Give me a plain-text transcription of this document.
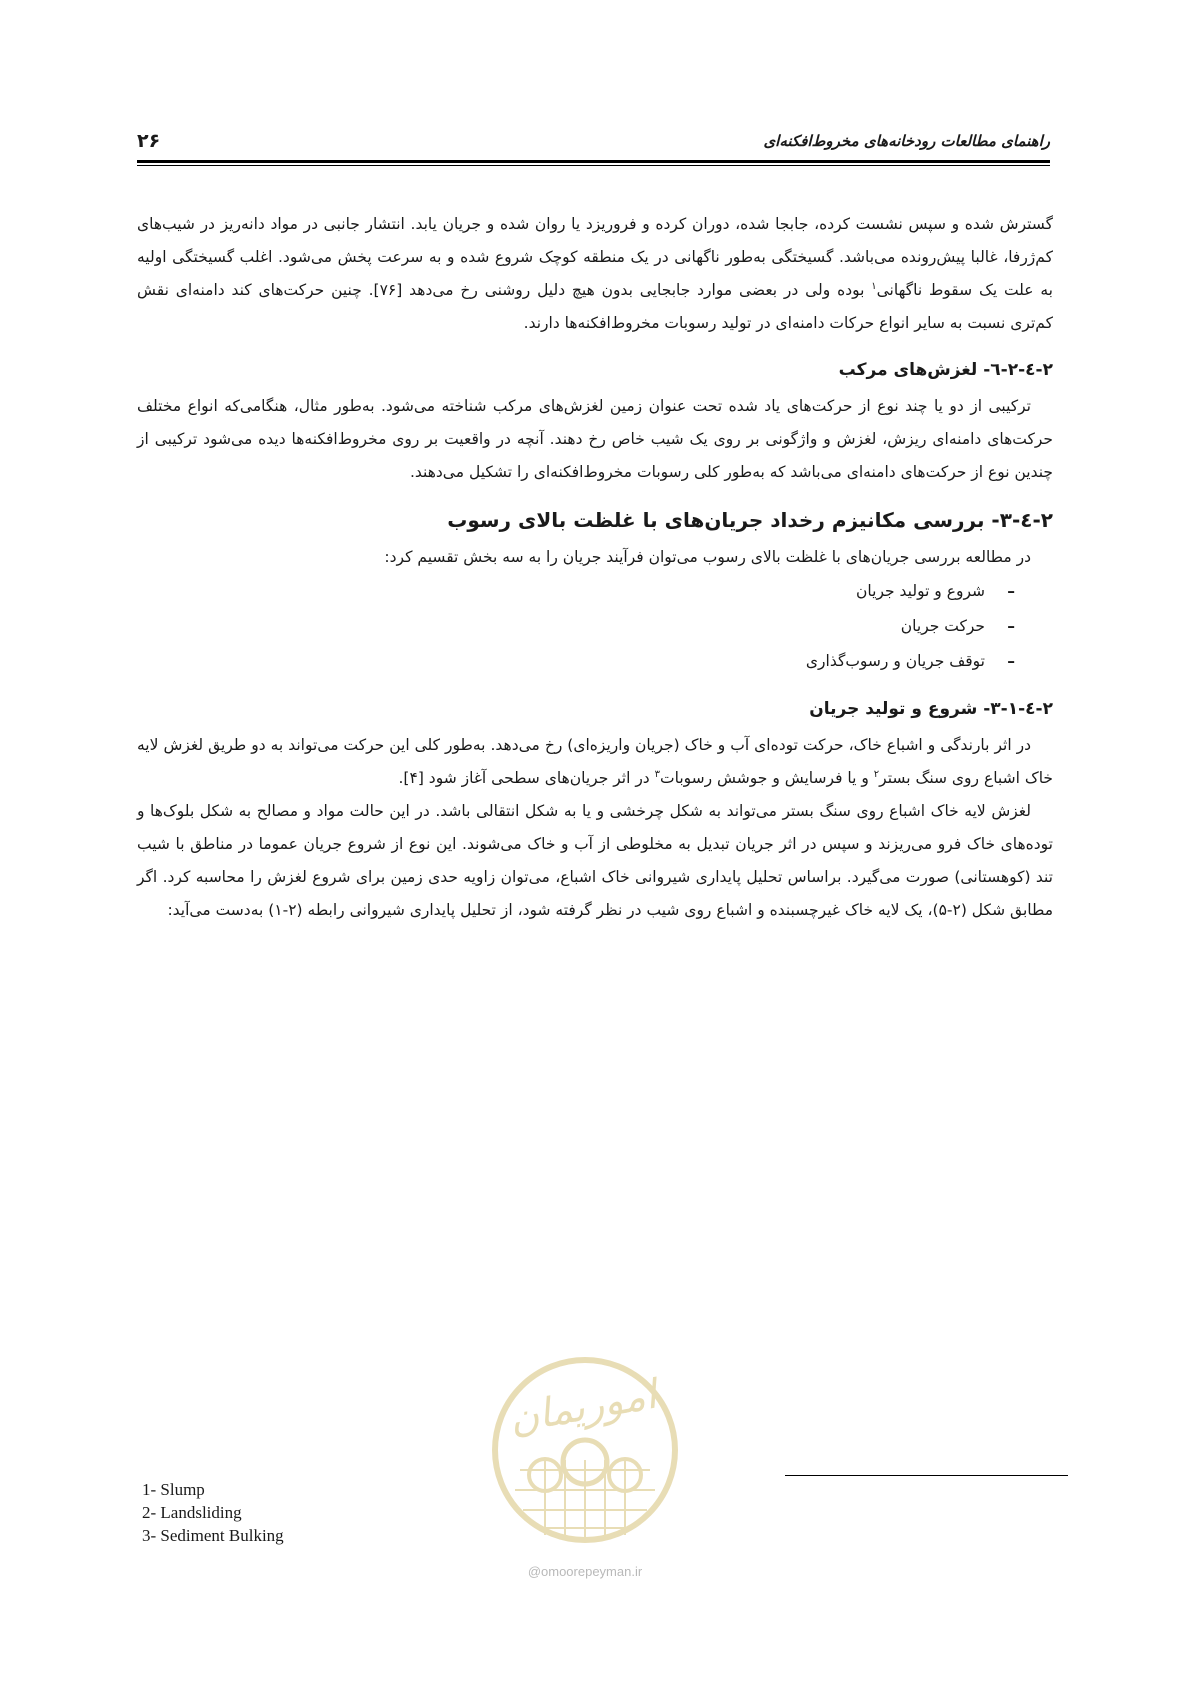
راهنمای مطالعات رودخانه‌های مخروط‌افکنه‌ای
۲۶

گسترش شده و سپس نشست کرده، جابجا شده، دوران کرده و فروریزد یا روان شده و جریان یابد. انتشار جانبی در مواد دانه‌ریز در شیب‌های کم‌ژرفا، غالبا پیش‌رونده می‌باشد. گسیختگی به‌طور ناگهانی در یک منطقه کوچک شروع شده و به سرعت پخش می‌شود. اغلب گسیختگی اولیه به علت یک سقوط ناگهانی$^۱$ بوده ولی در بعضی موارد جابجایی بدون هیچ دلیل روشنی رخ می‌دهد [۷۶]. چنین حرکت‌های کند دامنه‌ای نقش کم‌تری نسبت به سایر انواع حرکات دامنه‌ای در تولید رسوبات مخروط‌افکنه‌ها دارند.

۲-٤-۲-٦- لغزش‌های مرکب

ترکیبی از دو یا چند نوع از حرکت‌های یاد شده تحت عنوان زمین لغزش‌های مرکب شناخته می‌شود. به‌طور مثال، هنگامی‌که انواع مختلف حرکت‌های دامنه‌ای ریزش، لغزش و واژگونی بر روی یک شیب خاص رخ دهند. آنچه در واقعیت بر روی مخروط‌افکنه‌ها دیده می‌شود ترکیبی از چندین نوع از حرکت‌های دامنه‌ای می‌باشد که به‌طور کلی رسوبات مخروط‌افکنه‌ای را تشکیل می‌دهند.

۲-٤-۳- بررسی مکانیزم رخداد جریان‌های با غلظت بالای رسوب

در مطالعه بررسی جریان‌های با غلظت بالای رسوب می‌توان فرآیند جریان را به سه بخش تقسیم کرد:

– شروع و تولید جریان
– حرکت جریان
– توقف جریان و رسوب‌گذاری
۲-٤-۳-۱- شروع و تولید جریان

در اثر بارندگی و اشباع خاک، حرکت توده‌ای آب و خاک (جریان واریزه‌ای) رخ می‌دهد. به‌طور کلی این حرکت می‌تواند به دو طریق لغزش لایه خاک اشباع روی سنگ بستر$^۲$ و یا فرسایش و جوشش رسوبات$^۳$ در اثر جریان‌های سطحی آغاز شود [۴].

لغزش لایه خاک اشباع روی سنگ بستر می‌تواند به شکل چرخشی و یا به شکل انتقالی باشد. در این حالت مواد و مصالح به شکل بلوک‌ها و توده‌های خاک فرو می‌ریزند و سپس در اثر جریان تبدیل به مخلوطی از آب و خاک می‌شوند. این نوع از شروع جریان عموما در مناطق با شیب تند (کوهستانی) صورت می‌گیرد. براساس تحلیل پایداری شیروانی خاک اشباع، می‌توان زاویه حدی زمین برای شروع لغزش را محاسبه کرد. اگر مطابق شکل (۲-۵)، یک لایه خاک غیرچسبنده و اشباع روی شیب در نظر گرفته شود، از تحلیل پایداری شیروانی رابطه (۲-۱) به‌دست می‌آید:

اموریمان
@omoorepeyman.ir
1- Slump
2- Landsliding
3- Sediment Bulking
